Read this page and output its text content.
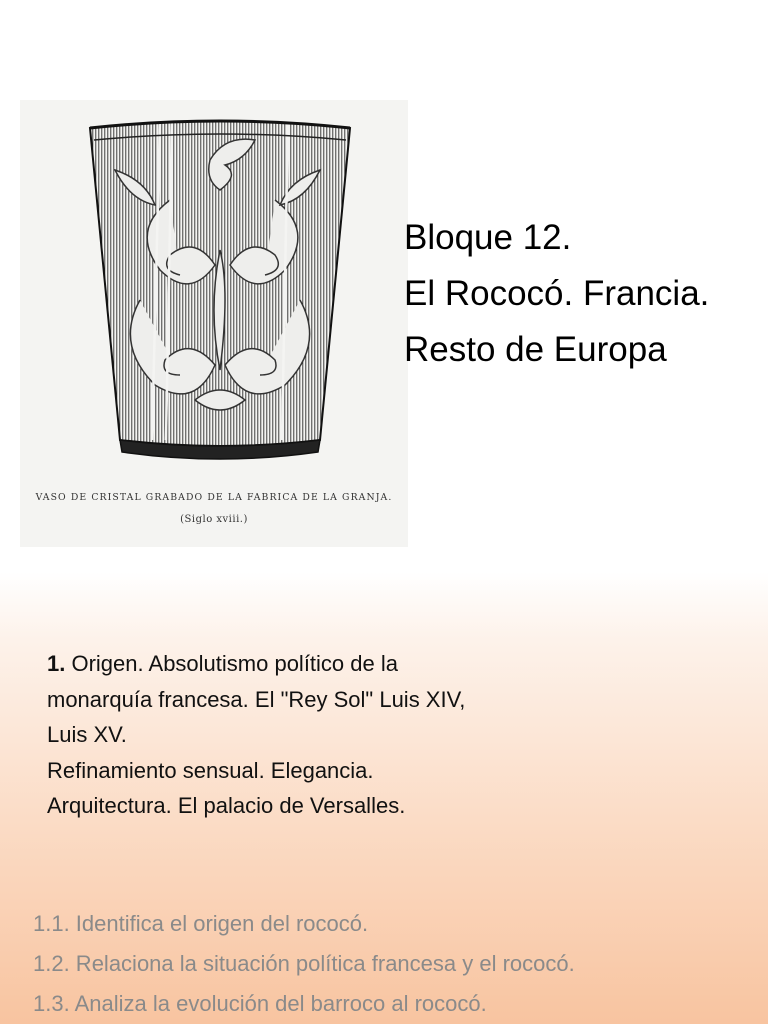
VASO DE CRISTAL GRABADO DE LA FABRICA DE LA GRANJA.
(Siglo xviii.)
Bloque 12.
El Rococó. Francia.
Resto de Europa
1. Origen. Absolutismo político de la
monarquía francesa. El "Rey Sol" Luis XIV,
Luis XV.
Refinamiento sensual. Elegancia.
Arquitectura. El palacio de Versalles.
1.1. Identifica el origen del rococó.
1.2. Relaciona la situación política francesa y el rococó.
1.3. Analiza la evolución del barroco al rococó.
